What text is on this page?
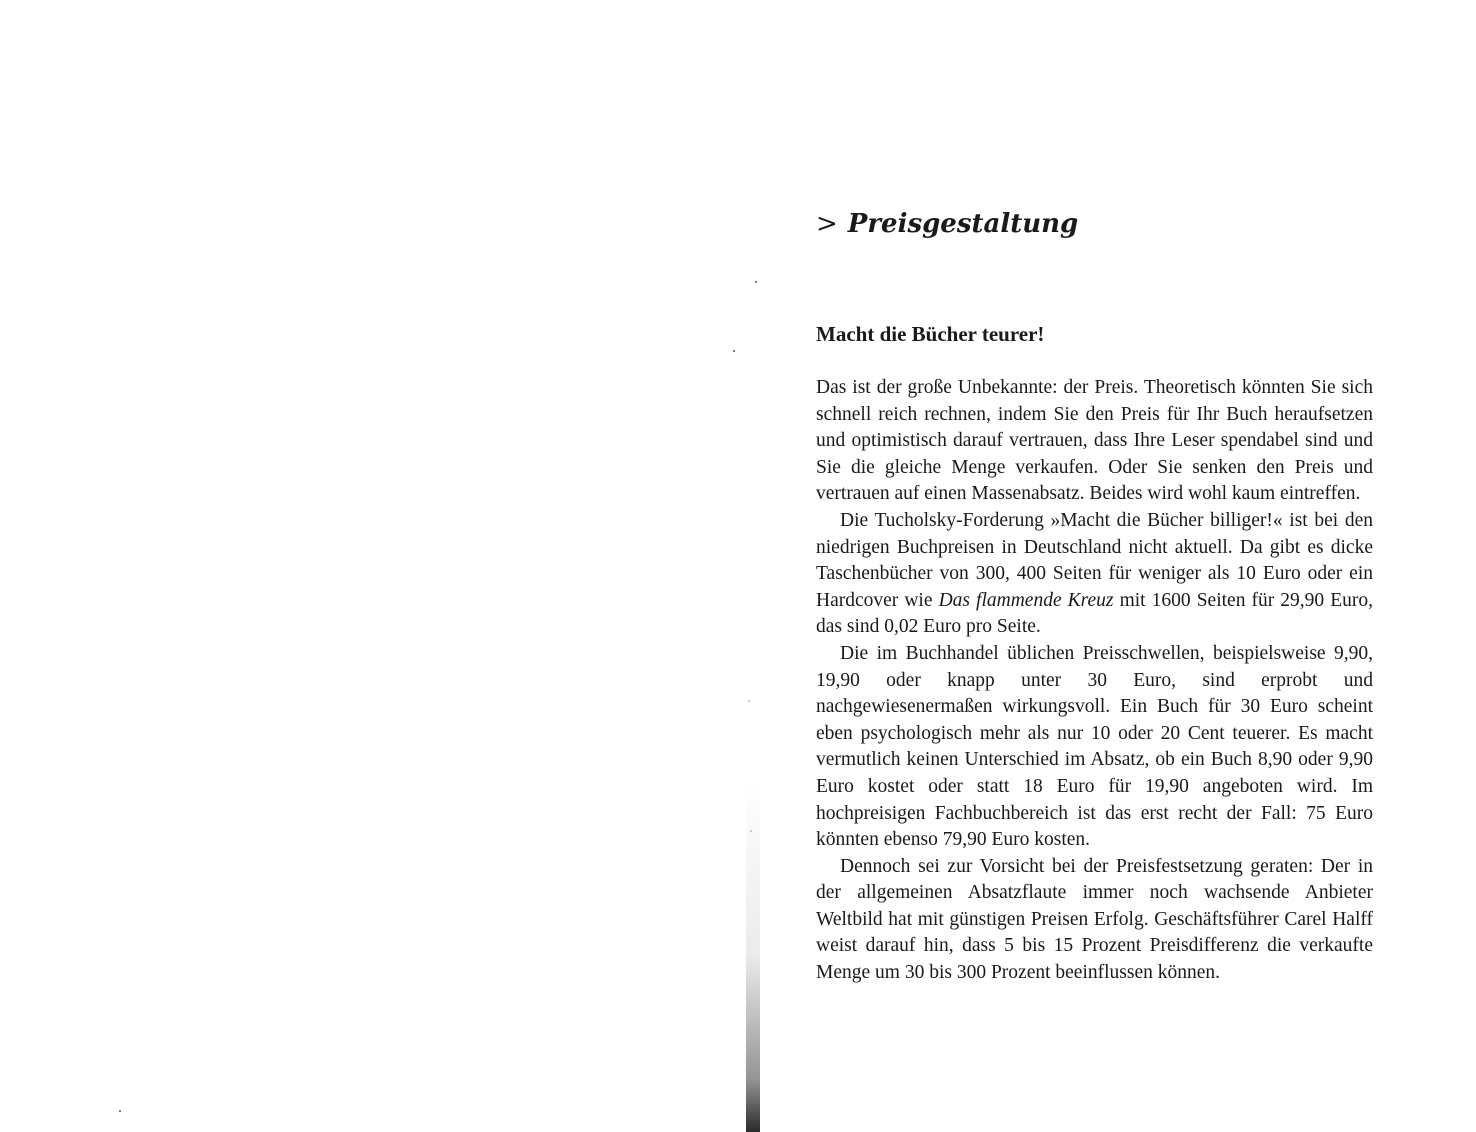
> Preisgestaltung
Macht die Bücher teurer!

Das ist der große Unbekannte: der Preis. Theoretisch könnten Sie sich schnell reich rechnen, indem Sie den Preis für Ihr Buch heraufsetzen und optimistisch darauf vertrauen, dass Ihre Leser spendabel sind und Sie die gleiche Menge verkaufen. Oder Sie senken den Preis und vertrauen auf einen Massenabsatz. Beides wird wohl kaum eintreffen.

Die Tucholsky-Forderung »Macht die Bücher billiger!« ist bei den niedrigen Buchpreisen in Deutschland nicht aktuell. Da gibt es dicke Taschenbücher von 300, 400 Seiten für weniger als 10 Euro oder ein Hardcover wie Das flammende Kreuz mit 1600 Seiten für 29,90 Euro, das sind 0,02 Euro pro Seite.

Die im Buchhandel üblichen Preisschwellen, beispielsweise 9,90, 19,90 oder knapp unter 30 Euro, sind erprobt und nachgewiesenermaßen wirkungsvoll. Ein Buch für 30 Euro scheint eben psychologisch mehr als nur 10 oder 20 Cent teuerer. Es macht vermutlich keinen Unterschied im Absatz, ob ein Buch 8,90 oder 9,90 Euro kostet oder statt 18 Euro für 19,90 angeboten wird. Im hochpreisigen Fachbuchbereich ist das erst recht der Fall: 75 Euro könnten ebenso 79,90 Euro kosten.

Dennoch sei zur Vorsicht bei der Preisfestsetzung geraten: Der in der allgemeinen Absatzflaute immer noch wachsende Anbieter Weltbild hat mit günstigen Preisen Erfolg. Geschäftsführer Carel Halff weist darauf hin, dass 5 bis 15 Prozent Preisdifferenz die verkaufte Menge um 30 bis 300 Prozent beeinflussen können.
